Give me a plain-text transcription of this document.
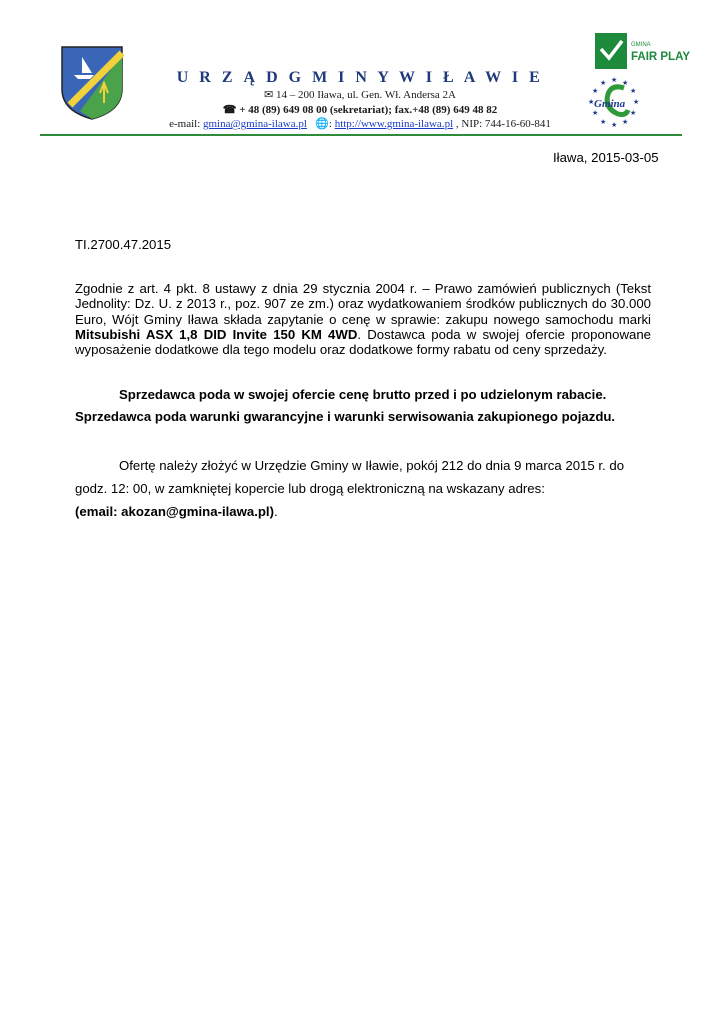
GMINA
FAIR PLAY
★ ★
★
★
★
★
★
★
★
★
★
★
Gmina
U R Z Ą D G M I N Y W I Ł A W I E
✉ 14 – 200 Iława, ul. Gen. Wł. Andersa 2A
☎ + 48 (89) 649 08 00 (sekretariat); fax.+48 (89) 649 48 82
e-mail: gmina@gmina-ilawa.pl 🌐: http://www.gmina-ilawa.pl , NIP: 744-16-60-841
Iława, 2015-03-05
TI.2700.47.2015
Zgodnie z art. 4 pkt. 8 ustawy z dnia 29 stycznia 2004 r. – Prawo zamówień publicznych (Tekst Jednolity: Dz. U. z 2013 r., poz. 907 ze zm.) oraz wydatkowaniem środków publicznych do 30.000 Euro, Wójt Gminy Iława składa zapytanie o cenę w sprawie: zakupu nowego samochodu marki Mitsubishi ASX 1,8 DID Invite 150 KM 4WD. Dostawca poda w swojej ofercie proponowane wyposażenie dodatkowe dla tego modelu oraz dodatkowe formy rabatu od ceny sprzedaży.
Sprzedawca poda w swojej ofercie cenę brutto przed i po udzielonym rabacie. Sprzedawca poda warunki gwarancyjne i warunki serwisowania zakupionego pojazdu.
Ofertę należy złożyć w Urzędzie Gminy w Iławie, pokój 212 do dnia 9 marca 2015 r. do godz. 12: 00, w zamkniętej kopercie lub drogą elektroniczną na wskazany adres:
(email: akozan@gmina-ilawa.pl).
